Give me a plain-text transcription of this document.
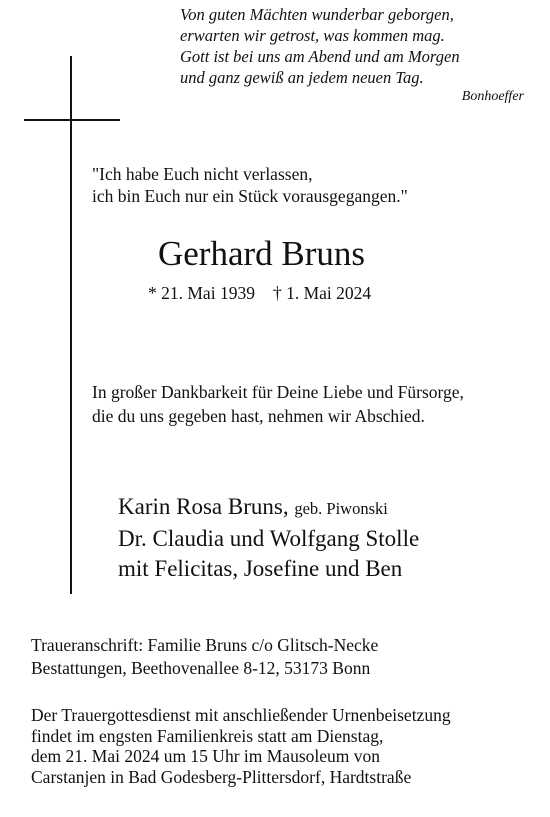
Von guten Mächten wunderbar geborgen,
erwarten wir getrost, was kommen mag.
Gott ist bei uns am Abend und am Morgen
und ganz gewiß an jedem neuen Tag.
Bonhoeffer
"Ich habe Euch nicht verlassen,
ich bin Euch nur ein Stück vorausgegangen."
Gerhard Bruns
* 21. Mai 1939 † 1. Mai 2024
In großer Dankbarkeit für Deine Liebe und Fürsorge,
die du uns gegeben hast, nehmen wir Abschied.
Karin Rosa Bruns, geb. Piwonski
Dr. Claudia und Wolfgang Stolle
mit Felicitas, Josefine und Ben
Traueranschrift: Familie Bruns c/o Glitsch-Necke
Bestattungen, Beethovenallee 8-12, 53173 Bonn
Der Trauergottesdienst mit anschließender Urnenbeisetzung
findet im engsten Familienkreis statt am Dienstag,
dem 21. Mai 2024 um 15 Uhr im Mausoleum von
Carstanjen in Bad Godesberg-Plittersdorf, Hardtstraße
